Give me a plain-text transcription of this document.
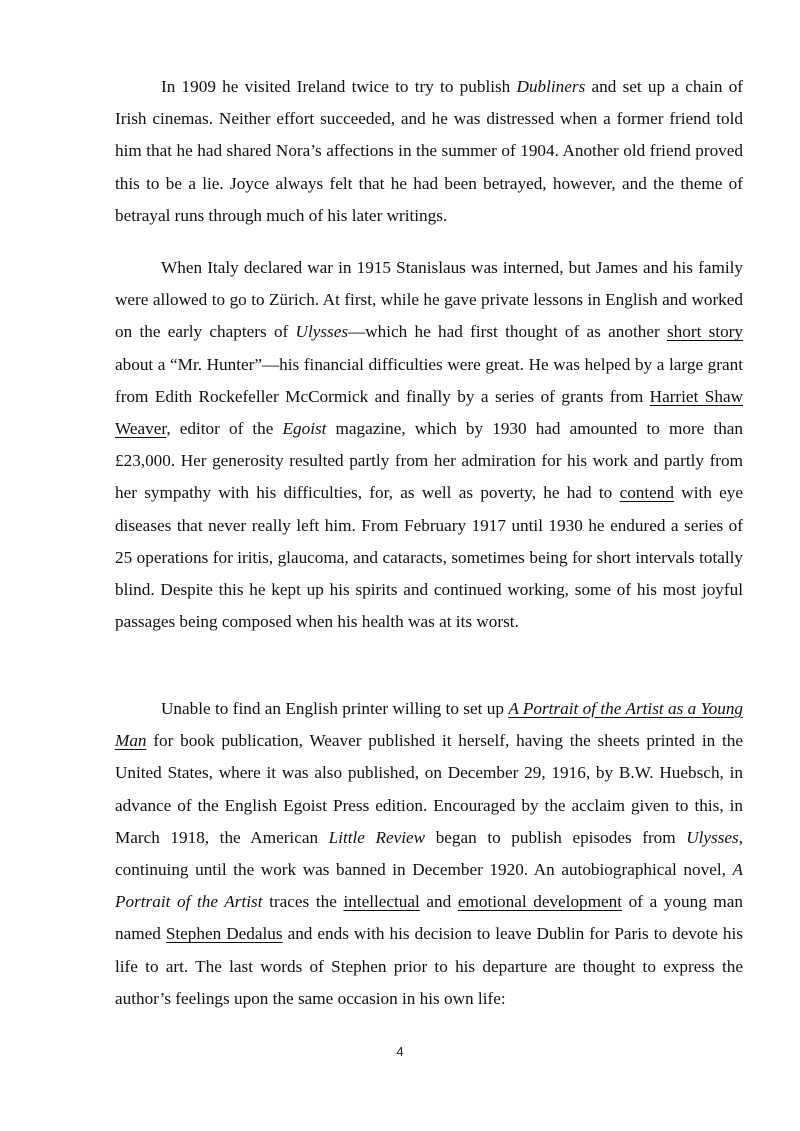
In 1909 he visited Ireland twice to try to publish Dubliners and set up a chain of Irish cinemas. Neither effort succeeded, and he was distressed when a former friend told him that he had shared Nora’s affections in the summer of 1904. Another old friend proved this to be a lie. Joyce always felt that he had been betrayed, however, and the theme of betrayal runs through much of his later writings.

When Italy declared war in 1915 Stanislaus was interned, but James and his family were allowed to go to Zürich. At first, while he gave private lessons in English and worked on the early chapters of Ulysses—which he had first thought of as another short story about a “Mr. Hunter”—his financial difficulties were great. He was helped by a large grant from Edith Rockefeller McCormick and finally by a series of grants from Harriet Shaw Weaver, editor of the Egoist magazine, which by 1930 had amounted to more than £23,000. Her generosity resulted partly from her admiration for his work and partly from her sympathy with his difficulties, for, as well as poverty, he had to contend with eye diseases that never really left him. From February 1917 until 1930 he endured a series of 25 operations for iritis, glaucoma, and cataracts, sometimes being for short intervals totally blind. Despite this he kept up his spirits and continued working, some of his most joyful passages being composed when his health was at its worst.

Unable to find an English printer willing to set up A Portrait of the Artist as a Young Man for book publication, Weaver published it herself, having the sheets printed in the United States, where it was also published, on December 29, 1916, by B.W. Huebsch, in advance of the English Egoist Press edition. Encouraged by the acclaim given to this, in March 1918, the American Little Review began to publish episodes from Ulysses, continuing until the work was banned in December 1920. An autobiographical novel, A Portrait of the Artist traces the intellectual and emotional development of a young man named Stephen Dedalus and ends with his decision to leave Dublin for Paris to devote his life to art. The last words of Stephen prior to his departure are thought to express the author’s feelings upon the same occasion in his own life:

4
